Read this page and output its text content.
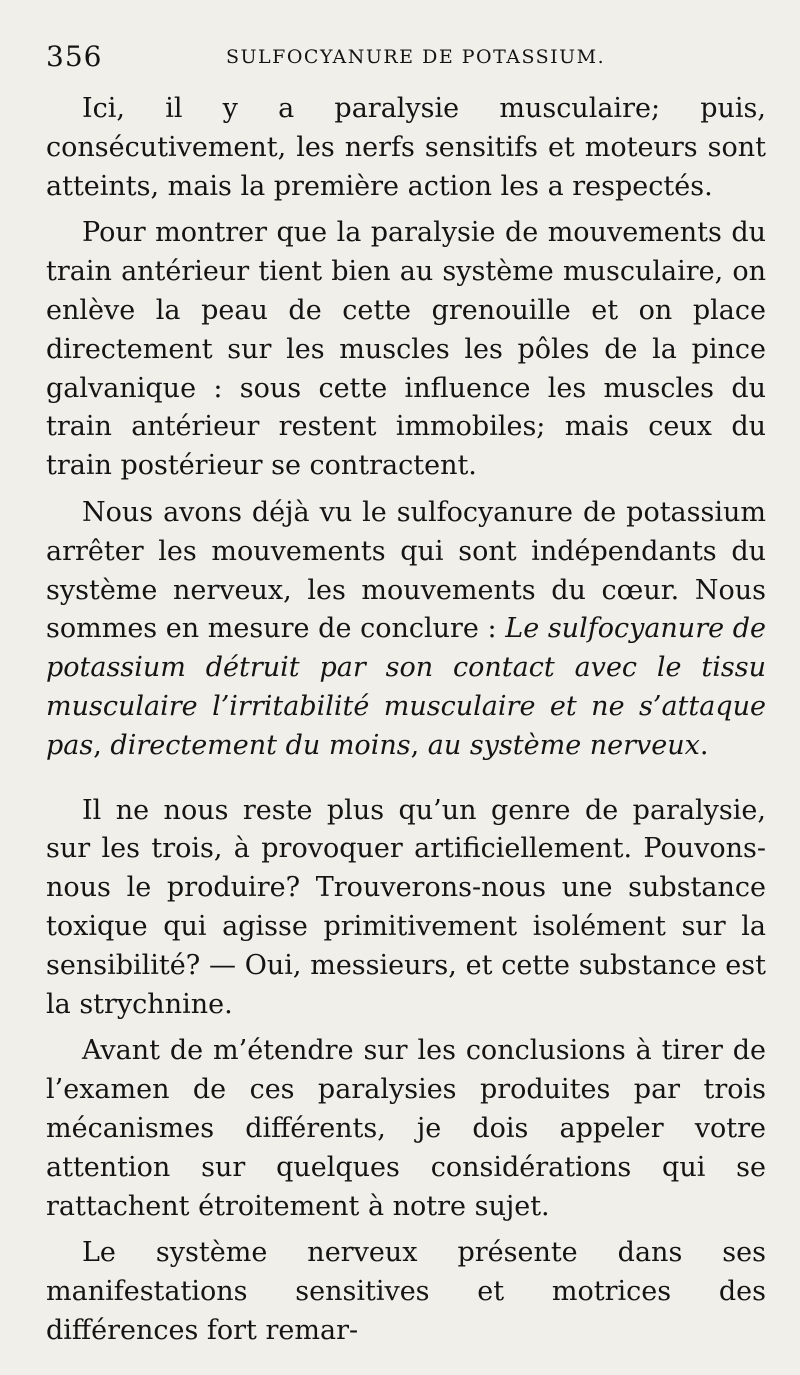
356	SULFOCYANURE DE POTASSIUM.

Ici, il y a paralysie musculaire; puis, consécutivement, les nerfs sensitifs et moteurs sont atteints, mais la première action les a respectés.

Pour montrer que la paralysie de mouvements du train antérieur tient bien au système musculaire, on enlève la peau de cette grenouille et on place directement sur les muscles les pôles de la pince galvanique : sous cette influence les muscles du train antérieur restent immobiles; mais ceux du train postérieur se contractent.

Nous avons déjà vu le sulfocyanure de potassium arrêter les mouvements qui sont indépendants du système nerveux, les mouvements du cœur. Nous sommes en mesure de conclure : Le sulfocyanure de potassium détruit par son contact avec le tissu musculaire l’irritabilité musculaire et ne s’attaque pas, directement du moins, au système nerveux.

Il ne nous reste plus qu’un genre de paralysie, sur les trois, à provoquer artificiellement. Pouvons-nous le produire? Trouverons-nous une substance toxique qui agisse primitivement isolément sur la sensibilité? — Oui, messieurs, et cette substance est la strychnine.

Avant de m’étendre sur les conclusions à tirer de l’examen de ces paralysies produites par trois mécanismes différents, je dois appeler votre attention sur quelques considérations qui se rattachent étroitement à notre sujet.

Le système nerveux présente dans ses manifestations sensitives et motrices des différences fort remar-
